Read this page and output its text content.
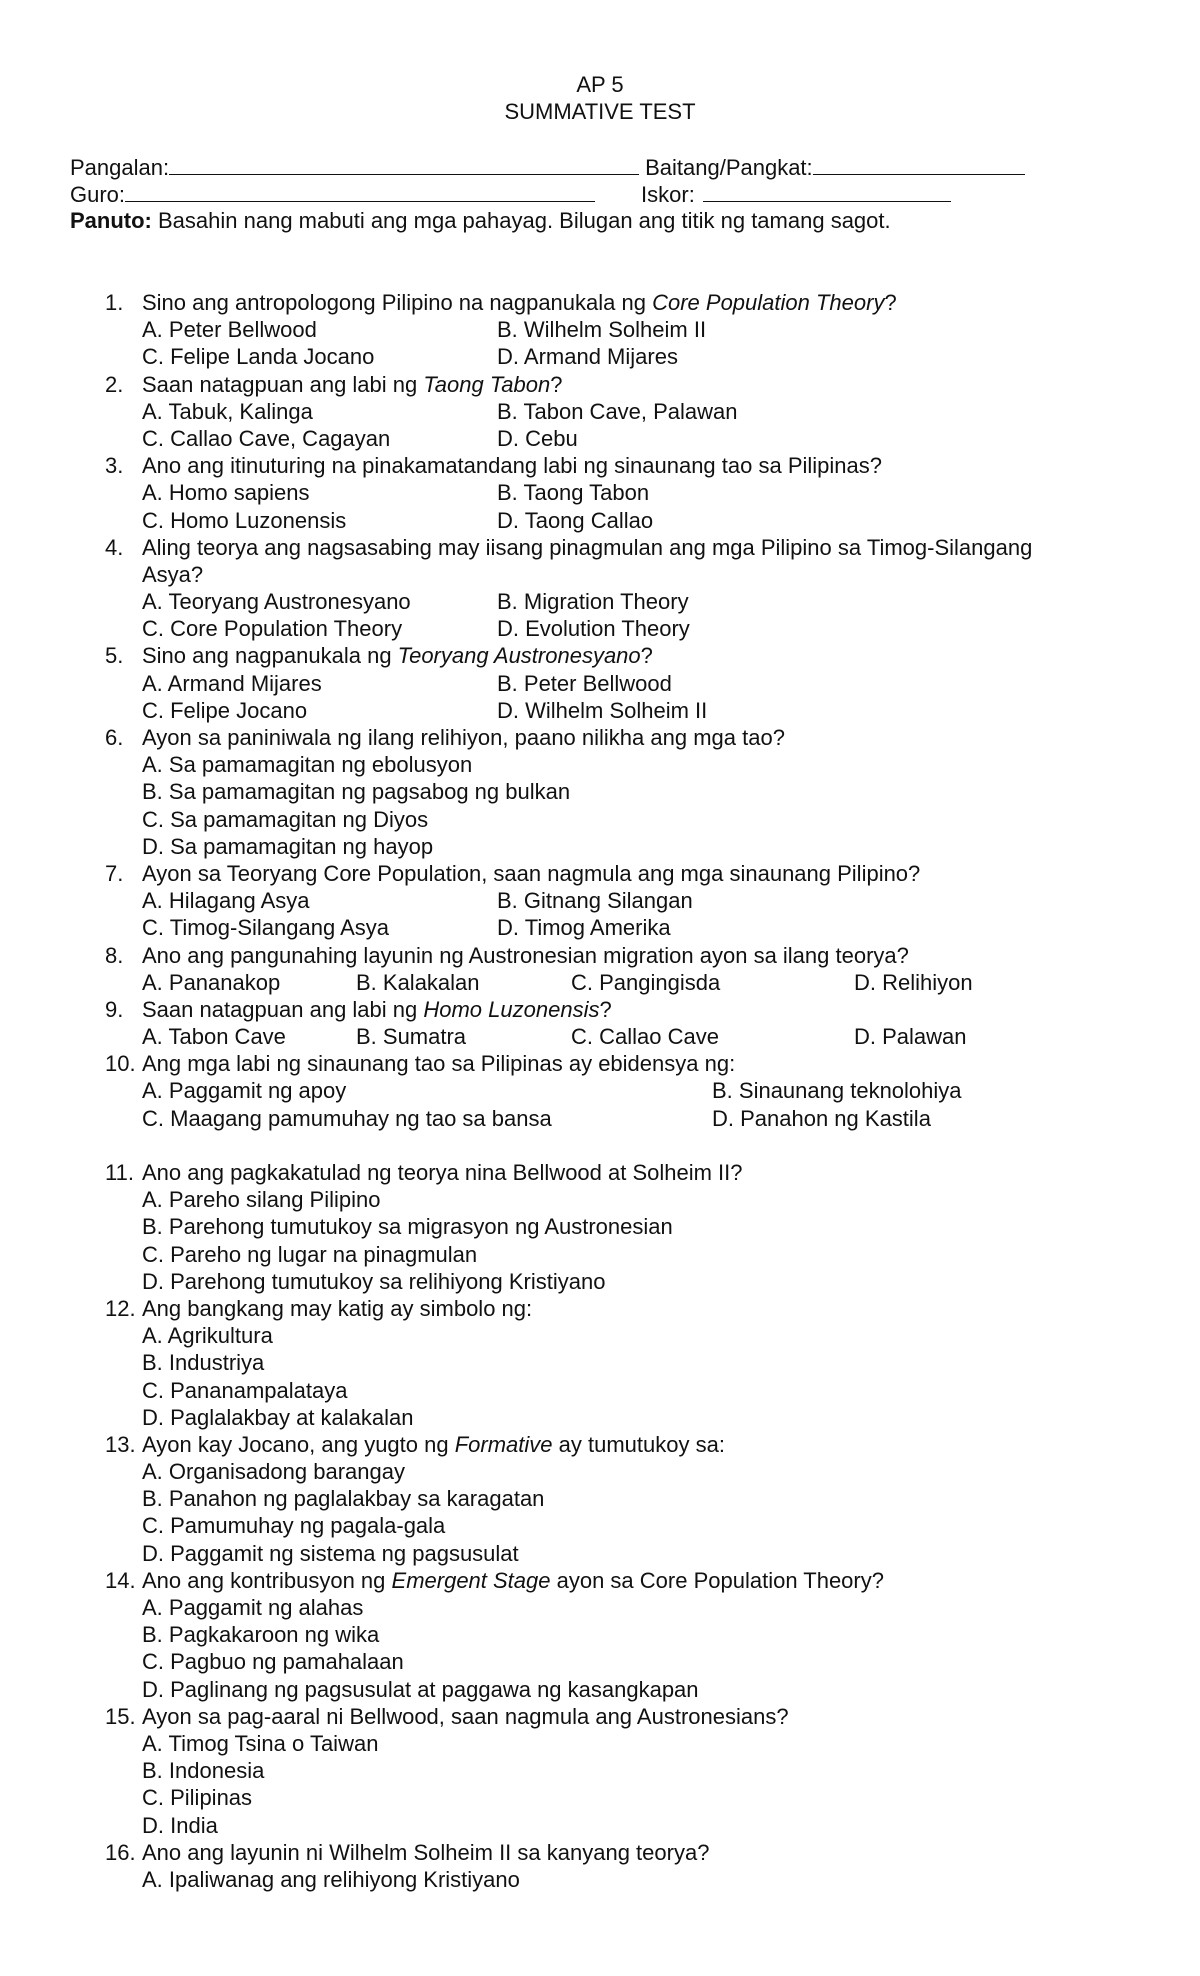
AP 5
SUMMATIVE TEST
Pangalan:	Baitang/Pangkat:
Guro:	Iskor:
Panuto: Basahin nang mabuti ang mga pahayag. Bilugan ang titik ng tamang sagot.
1. Sino ang antropologong Pilipino na nagpanukala ng Core Population Theory?
A. Peter Bellwood	B. Wilhelm Solheim II
C. Felipe Landa Jocano	D. Armand Mijares
2. Saan natagpuan ang labi ng Taong Tabon?
A. Tabuk, Kalinga	B. Tabon Cave, Palawan
C. Callao Cave, Cagayan	D. Cebu
3. Ano ang itinuturing na pinakamatandang labi ng sinaunang tao sa Pilipinas?
A. Homo sapiens	B. Taong Tabon
C. Homo Luzonensis	D. Taong Callao
4. Aling teorya ang nagsasabing may iisang pinagmulan ang mga Pilipino sa Timog-Silangang
Asya?
A. Teoryang Austronesyano	B. Migration Theory
C. Core Population Theory	D. Evolution Theory
5. Sino ang nagpanukala ng Teoryang Austronesyano?
A. Armand Mijares	B. Peter Bellwood
C. Felipe Jocano	D. Wilhelm Solheim II
6. Ayon sa paniniwala ng ilang relihiyon, paano nilikha ang mga tao?
A. Sa pamamagitan ng ebolusyon
B. Sa pamamagitan ng pagsabog ng bulkan
C. Sa pamamagitan ng Diyos
D. Sa pamamagitan ng hayop
7. Ayon sa Teoryang Core Population, saan nagmula ang mga sinaunang Pilipino?
A. Hilagang Asya	B. Gitnang Silangan
C. Timog-Silangang Asya	D. Timog Amerika
8. Ano ang pangunahing layunin ng Austronesian migration ayon sa ilang teorya?
A. Pananakop	B. Kalakalan	C. Pangingisda	D. Relihiyon
9. Saan natagpuan ang labi ng Homo Luzonensis?
A. Tabon Cave	B. Sumatra	C. Callao Cave	D. Palawan
10. Ang mga labi ng sinaunang tao sa Pilipinas ay ebidensya ng:
A. Paggamit ng apoy	B. Sinaunang teknolohiya
C. Maagang pamumuhay ng tao sa bansa	D. Panahon ng Kastila
11. Ano ang pagkakatulad ng teorya nina Bellwood at Solheim II?
A. Pareho silang Pilipino
B. Parehong tumutukoy sa migrasyon ng Austronesian
C. Pareho ng lugar na pinagmulan
D. Parehong tumutukoy sa relihiyong Kristiyano
12. Ang bangkang may katig ay simbolo ng:
A. Agrikultura
B. Industriya
C. Pananampalataya
D. Paglalakbay at kalakalan
13. Ayon kay Jocano, ang yugto ng Formative ay tumutukoy sa:
A. Organisadong barangay
B. Panahon ng paglalakbay sa karagatan
C. Pamumuhay ng pagala-gala
D. Paggamit ng sistema ng pagsusulat
14. Ano ang kontribusyon ng Emergent Stage ayon sa Core Population Theory?
A. Paggamit ng alahas
B. Pagkakaroon ng wika
C. Pagbuo ng pamahalaan
D. Paglinang ng pagsusulat at paggawa ng kasangkapan
15. Ayon sa pag-aaral ni Bellwood, saan nagmula ang Austronesians?
A. Timog Tsina o Taiwan
B. Indonesia
C. Pilipinas
D. India
16. Ano ang layunin ni Wilhelm Solheim II sa kanyang teorya?
A. Ipaliwanag ang relihiyong Kristiyano
